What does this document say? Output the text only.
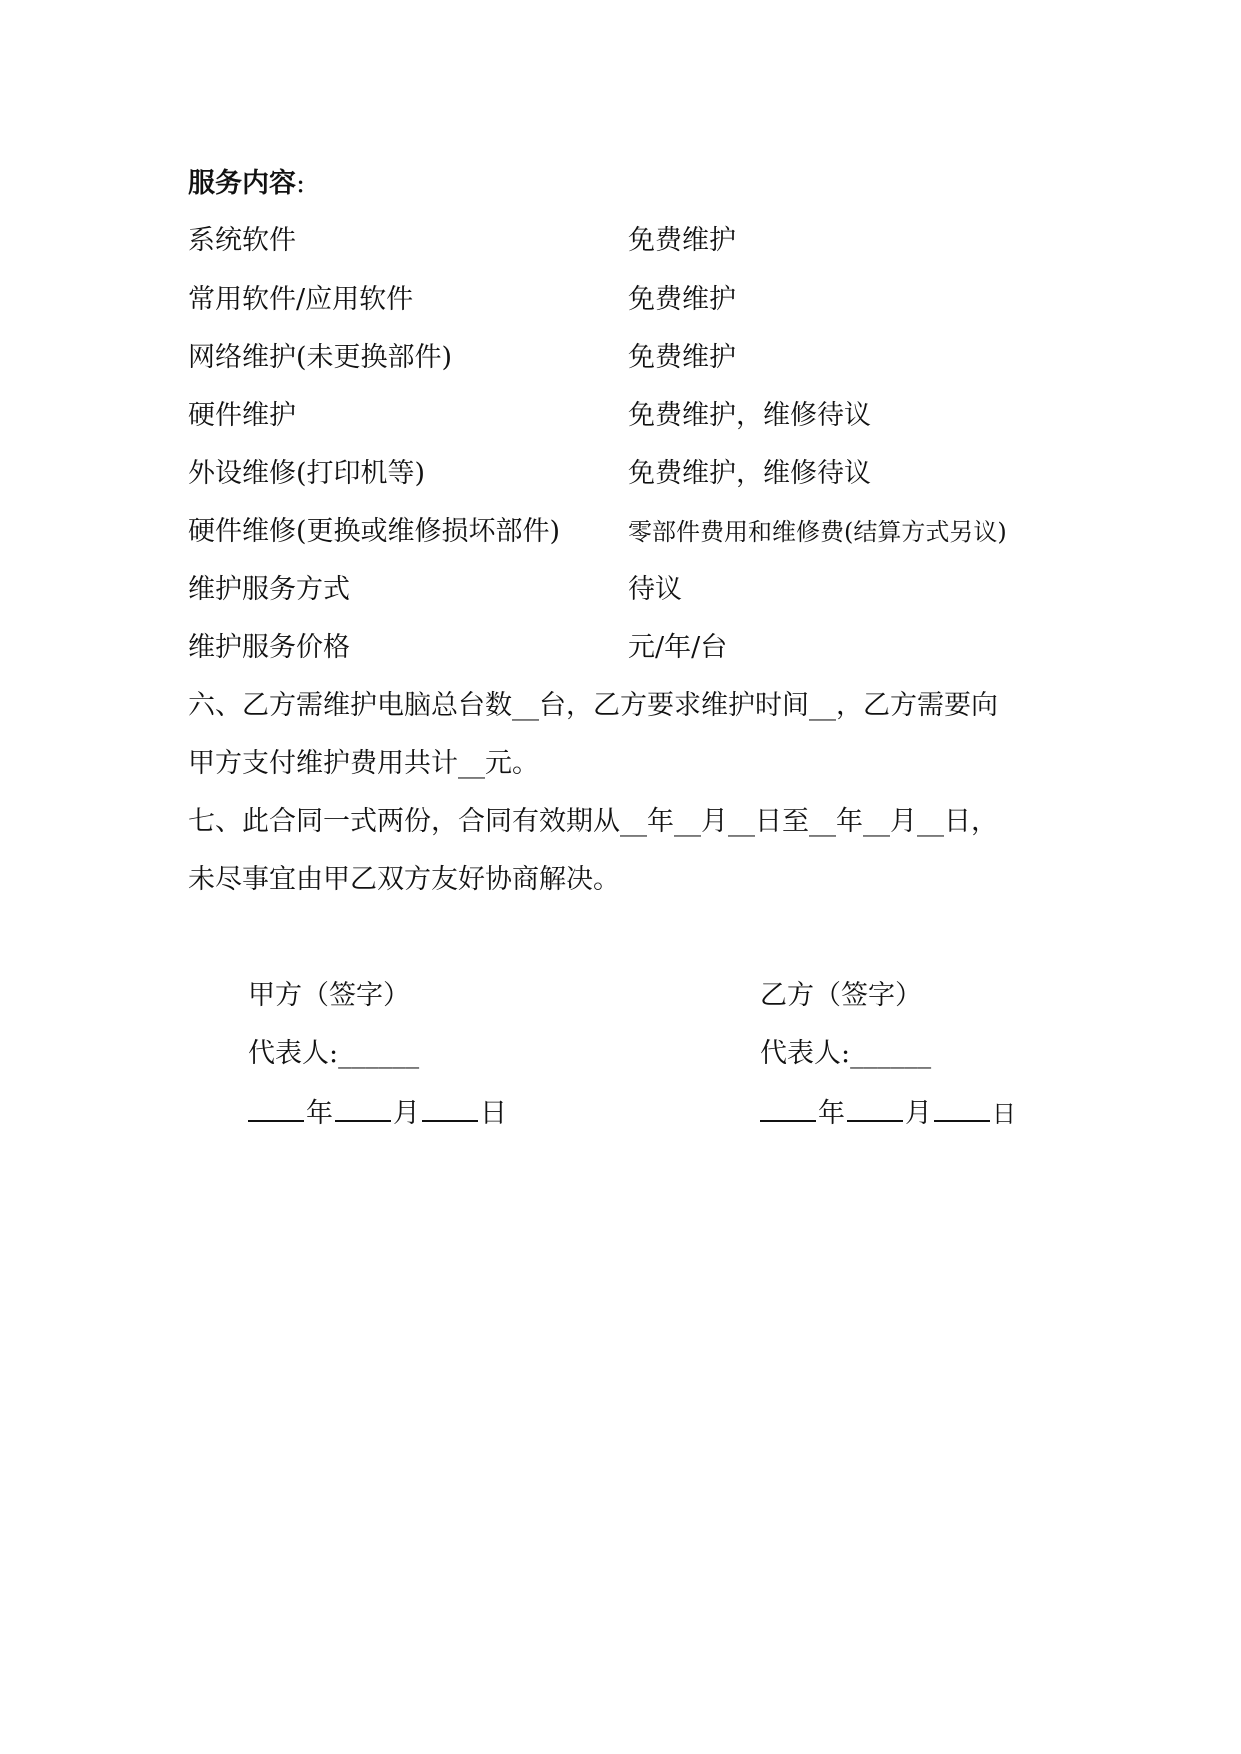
服务内容:
系统软件	免费维护
常用软件/应用软件	免费维护
网络维护(未更换部件)	免费维护
硬件维护	免费维护，维修待议
外设维修(打印机等)	免费维护，维修待议
硬件维修(更换或维修损坏部件)	零部件费用和维修费(结算方式另议)
维护服务方式	待议
维护服务价格	元/年/台
六、乙方需维护电脑总台数__台，乙方要求维护时间__，乙方需要向
甲方支付维护费用共计__元。
七、此合同一式两份，合同有效期从__年__月__日至__年__月__日，
未尽事宜由甲乙双方友好协商解决。
甲方（签字）
代表人:______
年 月 日
乙方（签字）
代表人:______
年 月	日
